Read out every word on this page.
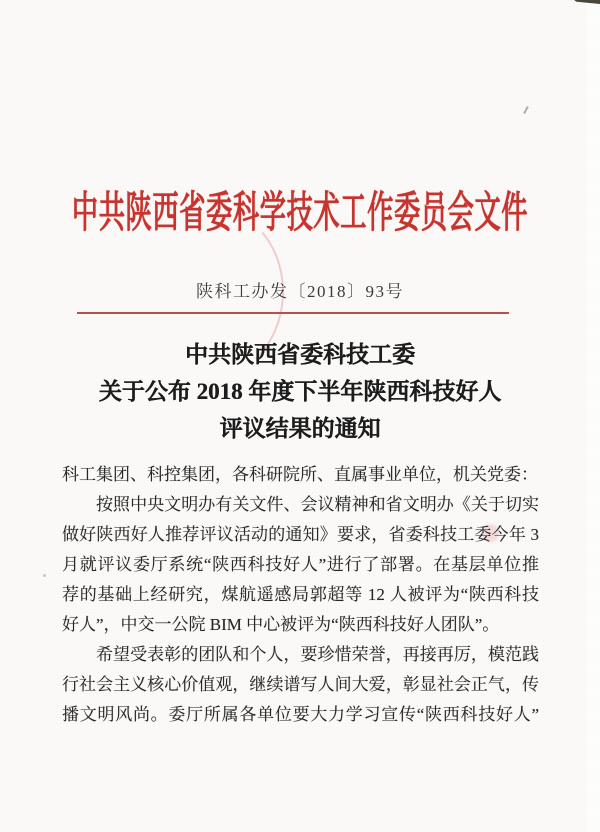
中共陕西省委科学技术工作委员会文件
陕科工办发〔2018〕93号
中共陕西省委科技工委
关于公布 2018 年度下半年陕西科技好人
评议结果的通知
科工集团、科控集团，各科研院所、直属事业单位，机关党委：
按照中央文明办有关文件、会议精神和省文明办《关于切实
做好陕西好人推荐评议活动的通知》要求，省委科技工委今年 3
月就评议委厅系统“陕西科技好人”进行了部署。在基层单位推
荐的基础上经研究，煤航遥感局郭超等 12 人被评为“陕西科技
好人”，中交一公院 BIM 中心被评为“陕西科技好人团队”。
希望受表彰的团队和个人，要珍惜荣誉，再接再厉，模范践
行社会主义核心价值观，继续谱写人间大爱，彰显社会正气，传
播文明风尚。委厅所属各单位要大力学习宣传“陕西科技好人”
